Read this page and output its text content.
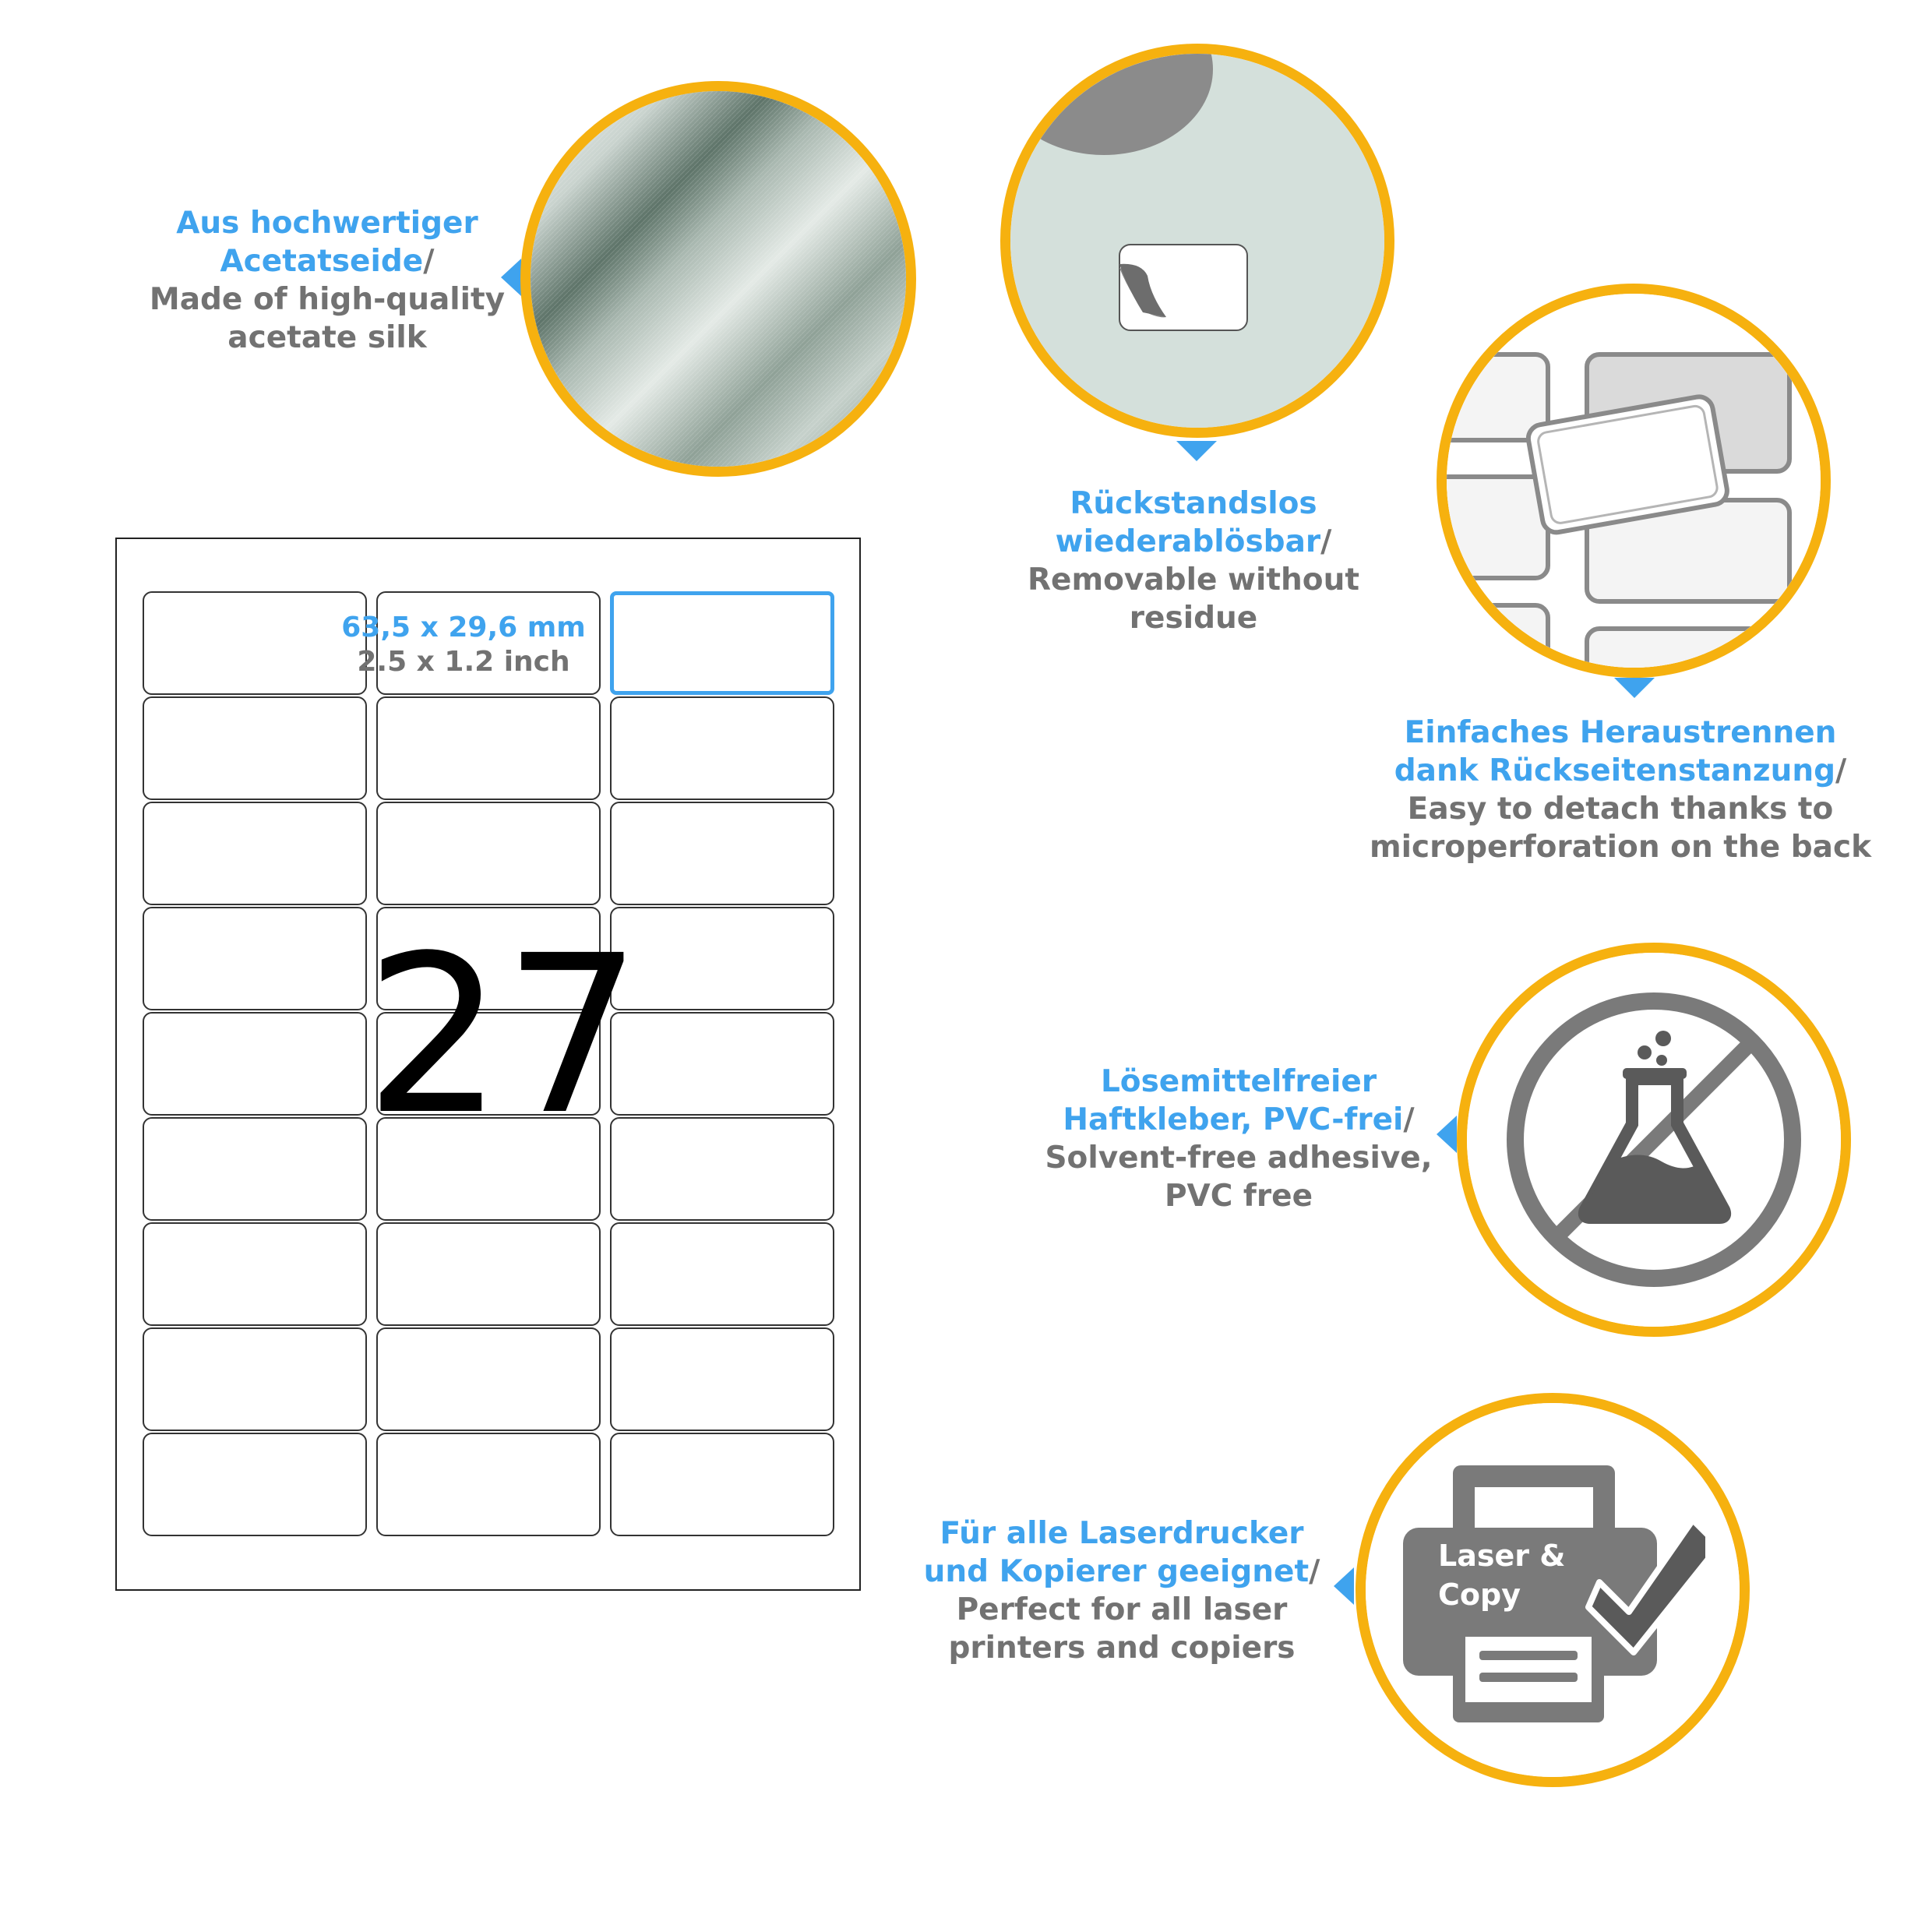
Aus hochwertiger
Acetatseide/
Made of high-quality
acetate silk
Rückstandslos
wiederablösbar/
Removable without
residue
Einfaches Heraustrennen
dank Rückseitenstanzung/
Easy to detach thanks to
microperforation on the back
Lösemittelfreier
Haftkleber, PVC-frei/
Solvent-free adhesive,
PVC free
Für alle Laserdrucker
und Kopierer geeignet/
Perfect for all laser
printers and copiers
Laser &
Copy
63,5 x 29,6 mm
2.5 x 1.2 inch
27
